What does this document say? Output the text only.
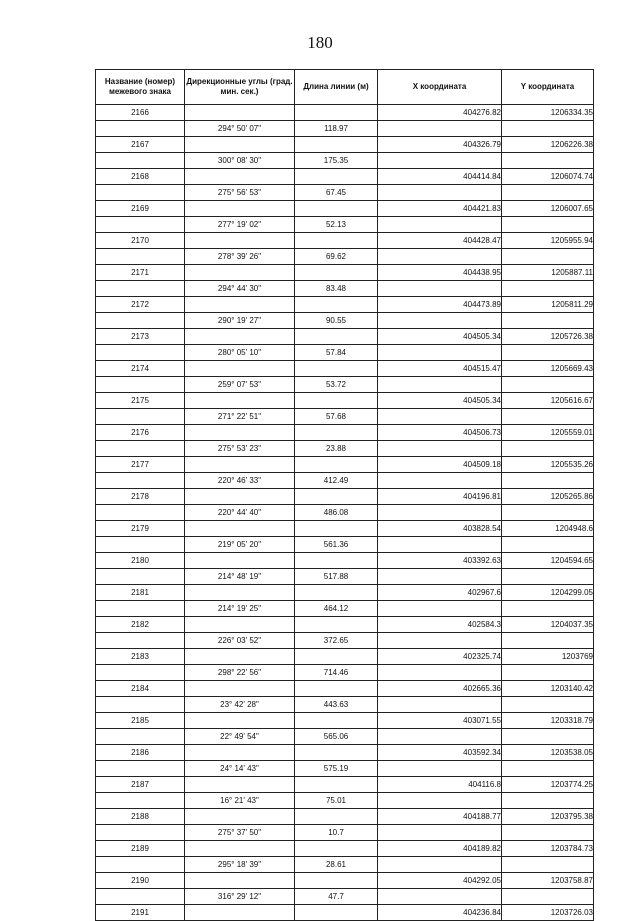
180
Название (номер) межевого знака	Дирекционные углы (град. мин. сек.)	Длина линии (м)	X координата	Y координата
2166			404276.82	1206334.35
	294° 50' 07"	118.97		
2167			404326.79	1206226.38
	300° 08' 30"	175.35		
2168			404414.84	1206074.74
	275° 56' 53"	67.45		
2169			404421.83	1206007.65
	277° 19' 02"	52.13		
2170			404428.47	1205955.94
	278° 39' 26"	69.62		
2171			404438.95	1205887.11
	294° 44' 30"	83.48		
2172			404473.89	1205811.29
	290° 19' 27"	90.55		
2173			404505.34	1205726.38
	280° 05' 10"	57.84		
2174			404515.47	1205669.43
	259° 07' 53"	53.72		
2175			404505.34	1205616.67
	271° 22' 51"	57.68		
2176			404506.73	1205559.01
	275° 53' 23"	23.88		
2177			404509.18	1205535.26
	220° 46' 33"	412.49		
2178			404196.81	1205265.86
	220° 44' 40"	486.08		
2179			403828.54	1204948.6
	219° 05' 20"	561.36		
2180			403392.63	1204594.65
	214° 48' 19"	517.88		
2181			402967.6	1204299.05
	214° 19' 25"	464.12		
2182			402584.3	1204037.35
	226° 03' 52"	372.65		
2183			402325.74	1203769
	298° 22' 56"	714.46		
2184			402665.36	1203140.42
	23° 42' 28"	443.63		
2185			403071.55	1203318.79
	22° 49' 54"	565.06		
2186			403592.34	1203538.05
	24° 14' 43"	575.19		
2187			404116.8	1203774.25
	16° 21' 43"	75.01		
2188			404188.77	1203795.38
	275° 37' 50"	10.7		
2189			404189.82	1203784.73
	295° 18' 39"	28.61		
2190			404292.05	1203758.87
	316° 29' 12"	47.7		
2191			404236.84	1203726.03
